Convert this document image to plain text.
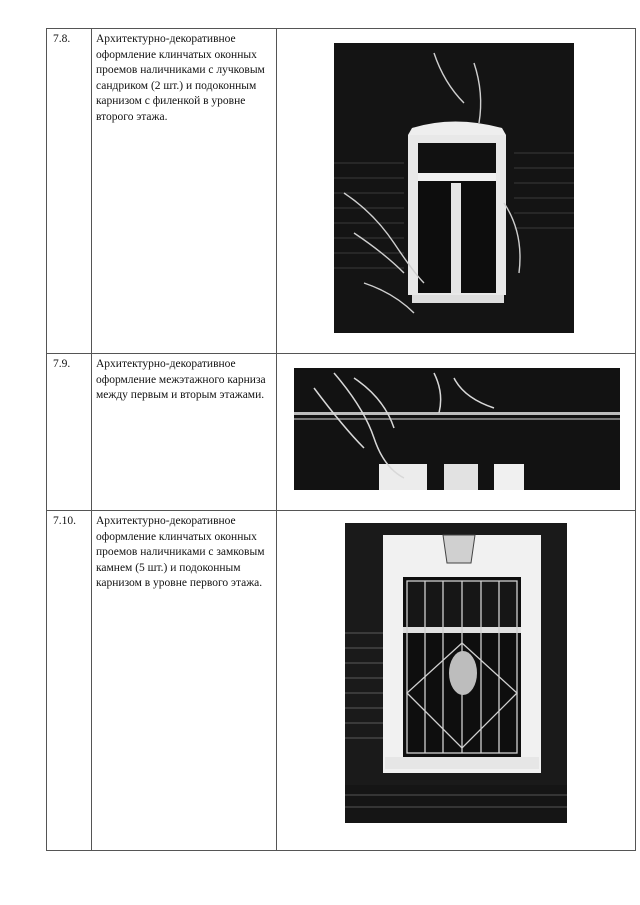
7.8.	Архитектурно-декоративное оформление клинчатых оконных проемов наличниками с лучковым сандриком (2 шт.) и подоконным карнизом с филенкой в уровне второго этажа.	

7.9.	Архитектурно-декоративное оформление межэтажного карниза между первым и вторым этажами.	

7.10.	Архитектурно-декоративное оформление клинчатых оконных проемов наличниками с замковым камнем (5 шт.) и подоконным карнизом в уровне первого этажа.	
